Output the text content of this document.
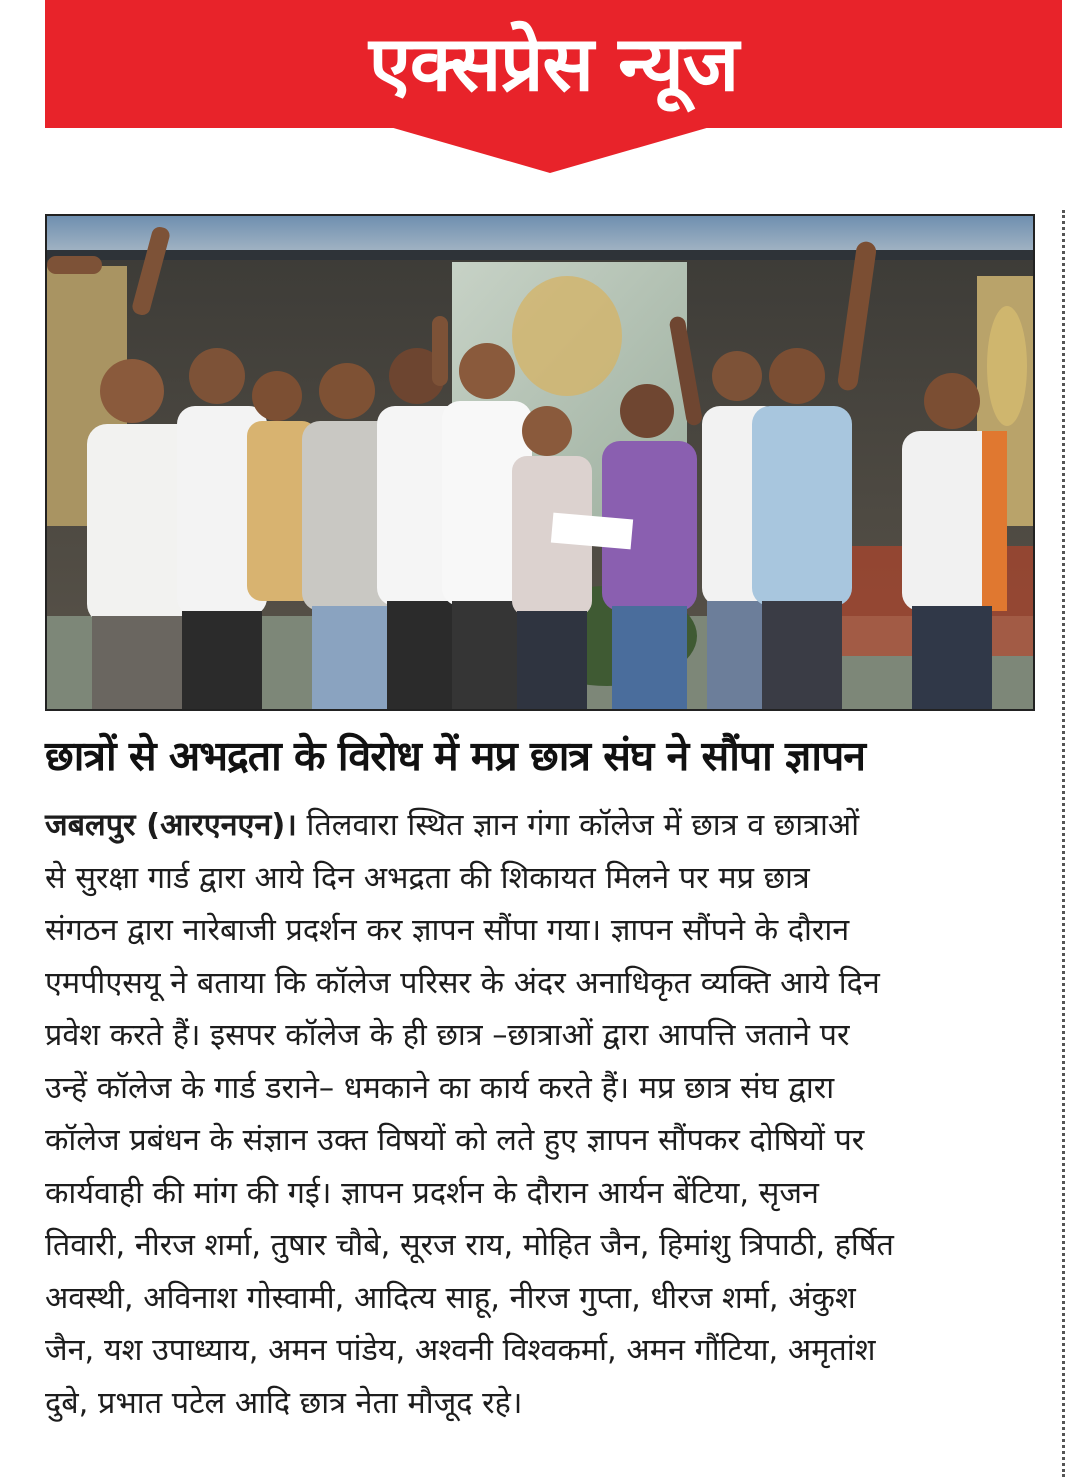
एक्सप्रेस न्यूज
छात्रों से अभद्रता के विरोध में मप्र छात्र संघ ने सौंपा ज्ञापन
जबलपुर (आरएनएन)। तिलवारा स्थित ज्ञान गंगा कॉलेज में छात्र व छात्राओं
से सुरक्षा गार्ड द्वारा आये दिन अभद्रता की शिकायत मिलने पर मप्र छात्र
संगठन द्वारा नारेबाजी प्रदर्शन कर ज्ञापन सौंपा गया। ज्ञापन सौंपने के दौरान
एमपीएसयू ने बताया कि कॉलेज परिसर के अंदर अनाधिकृत व्यक्ति आये दिन
प्रवेश करते हैं। इसपर कॉलेज के ही छात्र –छात्राओं द्वारा आपत्ति जताने पर
उन्हें कॉलेज के गार्ड डराने– धमकाने का कार्य करते हैं। मप्र छात्र संघ द्वारा
कॉलेज प्रबंधन के संज्ञान उक्त विषयों को लते हुए ज्ञापन सौंपकर दोषियों पर
कार्यवाही की मांग की गई। ज्ञापन प्रदर्शन के दौरान आर्यन बेंटिया, सृजन
तिवारी, नीरज शर्मा, तुषार चौबे, सूरज राय, मोहित जैन, हिमांशु त्रिपाठी, हर्षित
अवस्थी, अविनाश गोस्वामी, आदित्य साहू, नीरज गुप्ता, धीरज शर्मा, अंकुश
जैन, यश उपाध्याय, अमन पांडेय, अश्वनी विश्वकर्मा, अमन गौंटिया, अमृतांश
दुबे, प्रभात पटेल आदि छात्र नेता मौजूद रहे।
